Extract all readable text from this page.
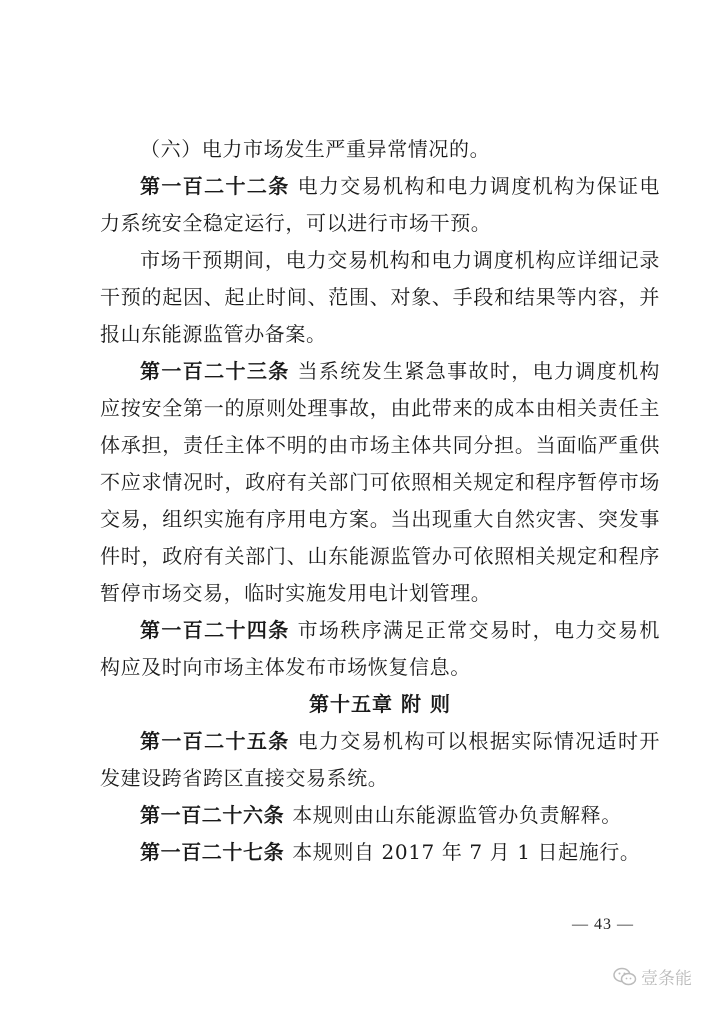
（六）电力市场发生严重异常情况的。

第一百二十二条 电力交易机构和电力调度机构为保证电力系统安全稳定运行，可以进行市场干预。

市场干预期间，电力交易机构和电力调度机构应详细记录干预的起因、起止时间、范围、对象、手段和结果等内容，并报山东能源监管办备案。

第一百二十三条 当系统发生紧急事故时，电力调度机构应按安全第一的原则处理事故，由此带来的成本由相关责任主体承担，责任主体不明的由市场主体共同分担。当面临严重供不应求情况时，政府有关部门可依照相关规定和程序暂停市场交易，组织实施有序用电方案。当出现重大自然灾害、突发事件时，政府有关部门、山东能源监管办可依照相关规定和程序暂停市场交易，临时实施发用电计划管理。

第一百二十四条 市场秩序满足正常交易时，电力交易机构应及时向市场主体发布市场恢复信息。

第十五章 附 则

第一百二十五条 电力交易机构可以根据实际情况适时开发建设跨省跨区直接交易系统。

第一百二十六条 本规则由山东能源监管办负责解释。

第一百二十七条 本规则自 2017 年 7 月 1 日起施行。

— 43 —
壹条能
